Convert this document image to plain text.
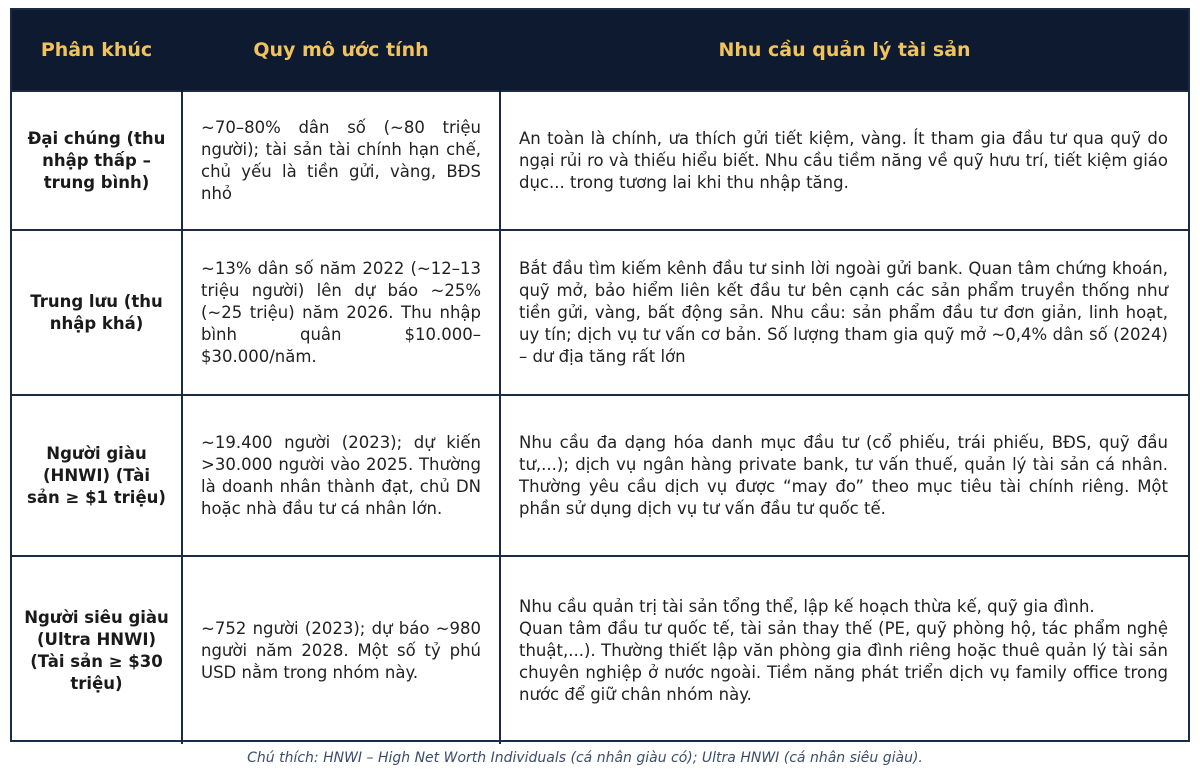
Phân khúc	Quy mô ước tính	Nhu cầu quản lý tài sản
Đại chúng (thu nhập thấp – trung bình)	~70–80% dân số (~80 triệu người); tài sản tài chính hạn chế, chủ yếu là tiền gửi, vàng, BĐS nhỏ	An toàn là chính, ưa thích gửi tiết kiệm, vàng. Ít tham gia đầu tư qua quỹ do ngại rủi ro và thiếu hiểu biết. Nhu cầu tiềm năng về quỹ hưu trí, tiết kiệm giáo dục... trong tương lai khi thu nhập tăng.
Trung lưu (thu nhập khá)	~13% dân số năm 2022 (~12–13 triệu người) lên dự báo ~25% (~25 triệu) năm 2026. Thu nhập bình quân $10.000–$30.000/năm.	Bắt đầu tìm kiếm kênh đầu tư sinh lời ngoài gửi bank. Quan tâm chứng khoán, quỹ mở, bảo hiểm liên kết đầu tư bên cạnh các sản phẩm truyền thống như tiền gửi, vàng, bất động sản. Nhu cầu: sản phẩm đầu tư đơn giản, linh hoạt, uy tín; dịch vụ tư vấn cơ bản. Số lượng tham gia quỹ mở ~0,4% dân số (2024) – dư địa tăng rất lớn
Người giàu (HNWI) (Tài sản ≥ $1 triệu)	~19.400 người (2023); dự kiến >30.000 người vào 2025. Thường là doanh nhân thành đạt, chủ DN hoặc nhà đầu tư cá nhân lớn.	Nhu cầu đa dạng hóa danh mục đầu tư (cổ phiếu, trái phiếu, BĐS, quỹ đầu tư,...); dịch vụ ngân hàng private bank, tư vấn thuế, quản lý tài sản cá nhân. Thường yêu cầu dịch vụ được “may đo” theo mục tiêu tài chính riêng. Một phần sử dụng dịch vụ tư vấn đầu tư quốc tế.
Người siêu giàu (Ultra HNWI) (Tài sản ≥ $30 triệu)	~752 người (2023); dự báo ~980 người năm 2028. Một số tỷ phú USD nằm trong nhóm này.	Nhu cầu quản trị tài sản tổng thể, lập kế hoạch thừa kế, quỹ gia đình.
Quan tâm đầu tư quốc tế, tài sản thay thế (PE, quỹ phòng hộ, tác phẩm nghệ thuật,...). Thường thiết lập văn phòng gia đình riêng hoặc thuê quản lý tài sản chuyên nghiệp ở nước ngoài. Tiềm năng phát triển dịch vụ family office trong nước để giữ chân nhóm này.
Chú thích: HNWI – High Net Worth Individuals (cá nhân giàu có); Ultra HNWI (cá nhân siêu giàu).
